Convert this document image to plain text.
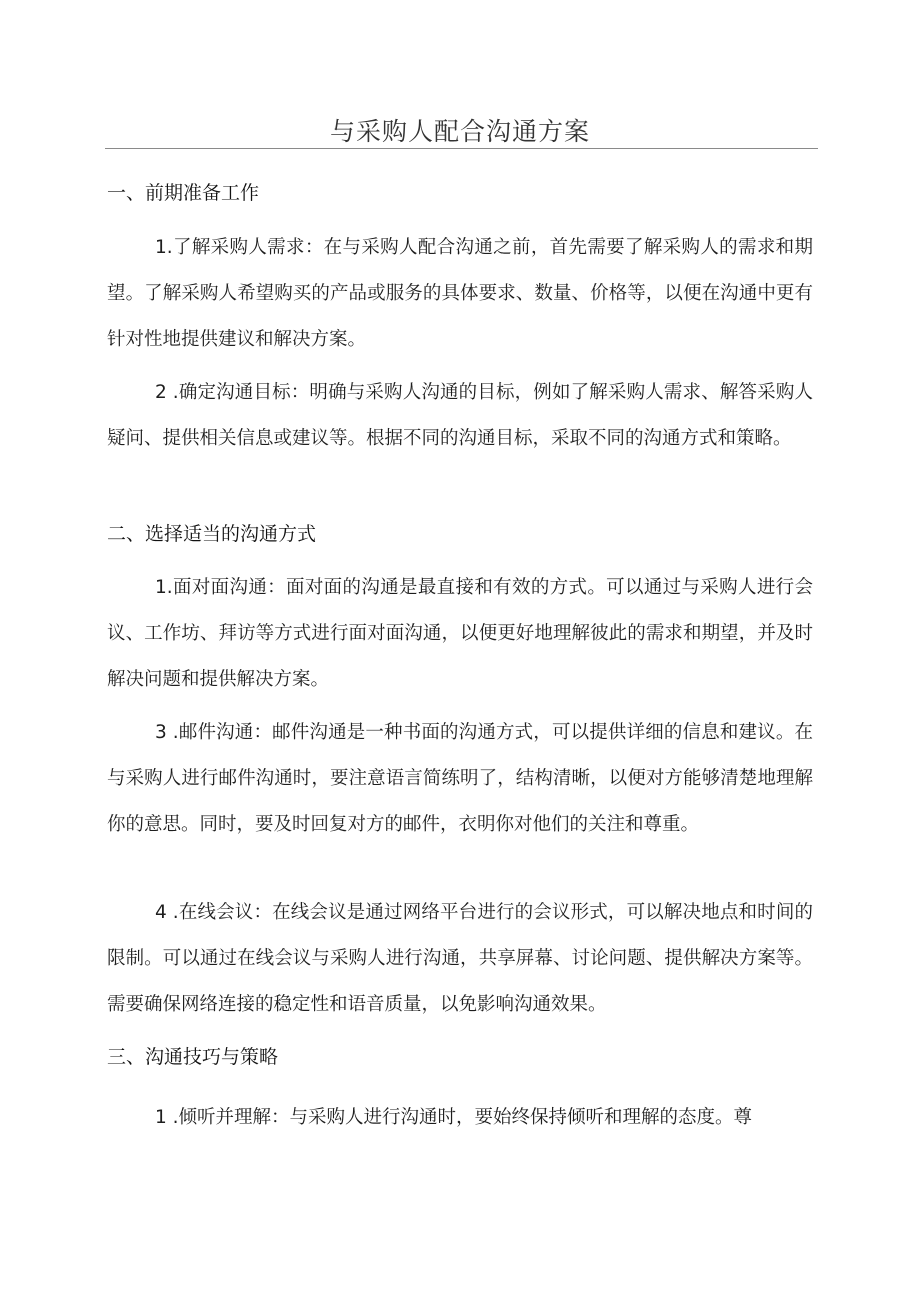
与采购人配合沟通方案
一、前期准备工作
1.了解采购人需求：在与采购人配合沟通之前，首先需要了解采购人的需求和期望。了解采购人希望购买的产品或服务的具体要求、数量、价格等，以便在沟通中更有针对性地提供建议和解决方案。
2 .确定沟通目标：明确与采购人沟通的目标，例如了解采购人需求、解答采购人疑问、提供相关信息或建议等。根据不同的沟通目标，采取不同的沟通方式和策略。
二、选择适当的沟通方式
1.面对面沟通：面对面的沟通是最直接和有效的方式。可以通过与采购人进行会议、工作坊、拜访等方式进行面对面沟通，以便更好地理解彼此的需求和期望，并及时解决问题和提供解决方案。
3 .邮件沟通：邮件沟通是一种书面的沟通方式，可以提供详细的信息和建议。在与采购人进行邮件沟通时，要注意语言简练明了，结构清晰，以便对方能够清楚地理解你的意思。同时，要及时回复对方的邮件，衣明你对他们的关注和尊重。
4 .在线会议：在线会议是通过网络平台进行的会议形式，可以解决地点和时间的限制。可以通过在线会议与采购人进行沟通，共享屏幕、讨论问题、提供解决方案等。需要确保网络连接的稳定性和语音质量，以免影响沟通效果。
三、沟通技巧与策略
1 .倾听并理解：与采购人进行沟通时，要始终保持倾听和理解的态度。尊
